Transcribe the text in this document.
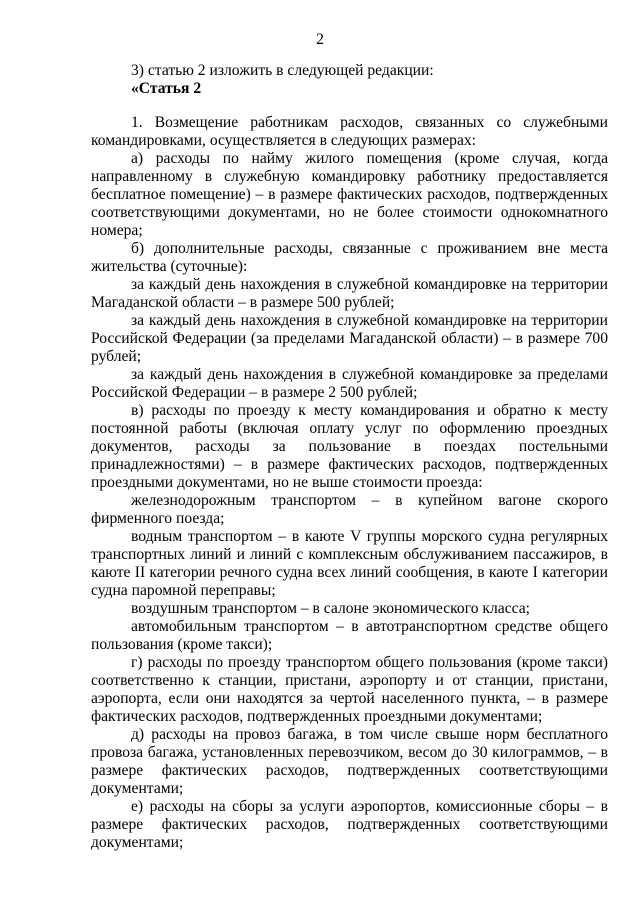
2

3) статью 2 изложить в следующей редакции:

«Статья 2

1. Возмещение работникам расходов, связанных со служебными командировками, осуществляется в следующих размерах:

а) расходы по найму жилого помещения (кроме случая, когда направленному в служебную командировку работнику предоставляется бесплатное помещение) – в размере фактических расходов, подтвержденных соответствующими документами, но не более стоимости однокомнатного номера;

б) дополнительные расходы, связанные с проживанием вне места жительства (суточные):

за каждый день нахождения в служебной командировке на территории Магаданской области – в размере 500 рублей;

за каждый день нахождения в служебной командировке на территории Российской Федерации (за пределами Магаданской области) – в размере 700 рублей;

за каждый день нахождения в служебной командировке за пределами Российской Федерации – в размере 2 500 рублей;

в) расходы по проезду к месту командирования и обратно к месту постоянной работы (включая оплату услуг по оформлению проездных документов, расходы за пользование в поездах постельными принадлежностями) – в размере фактических расходов, подтвержденных проездными документами, но не выше стоимости проезда:

железнодорожным транспортом – в купейном вагоне скорого фирменного поезда;

водным транспортом – в каюте V группы морского судна регулярных транспортных линий и линий с комплексным обслуживанием пассажиров, в каюте II категории речного судна всех линий сообщения, в каюте I категории судна паромной переправы;

воздушным транспортом – в салоне экономического класса;

автомобильным транспортом – в автотранспортном средстве общего пользования (кроме такси);

г) расходы по проезду транспортом общего пользования (кроме такси) соответственно к станции, пристани, аэропорту и от станции, пристани, аэропорта, если они находятся за чертой населенного пункта, – в размере фактических расходов, подтвержденных проездными документами;

д) расходы на провоз багажа, в том числе свыше норм бесплатного провоза багажа, установленных перевозчиком, весом до 30 килограммов, – в размере фактических расходов, подтвержденных соответствующими документами;

е) расходы на сборы за услуги аэропортов, комиссионные сборы – в размере фактических расходов, подтвержденных соответствующими документами;
